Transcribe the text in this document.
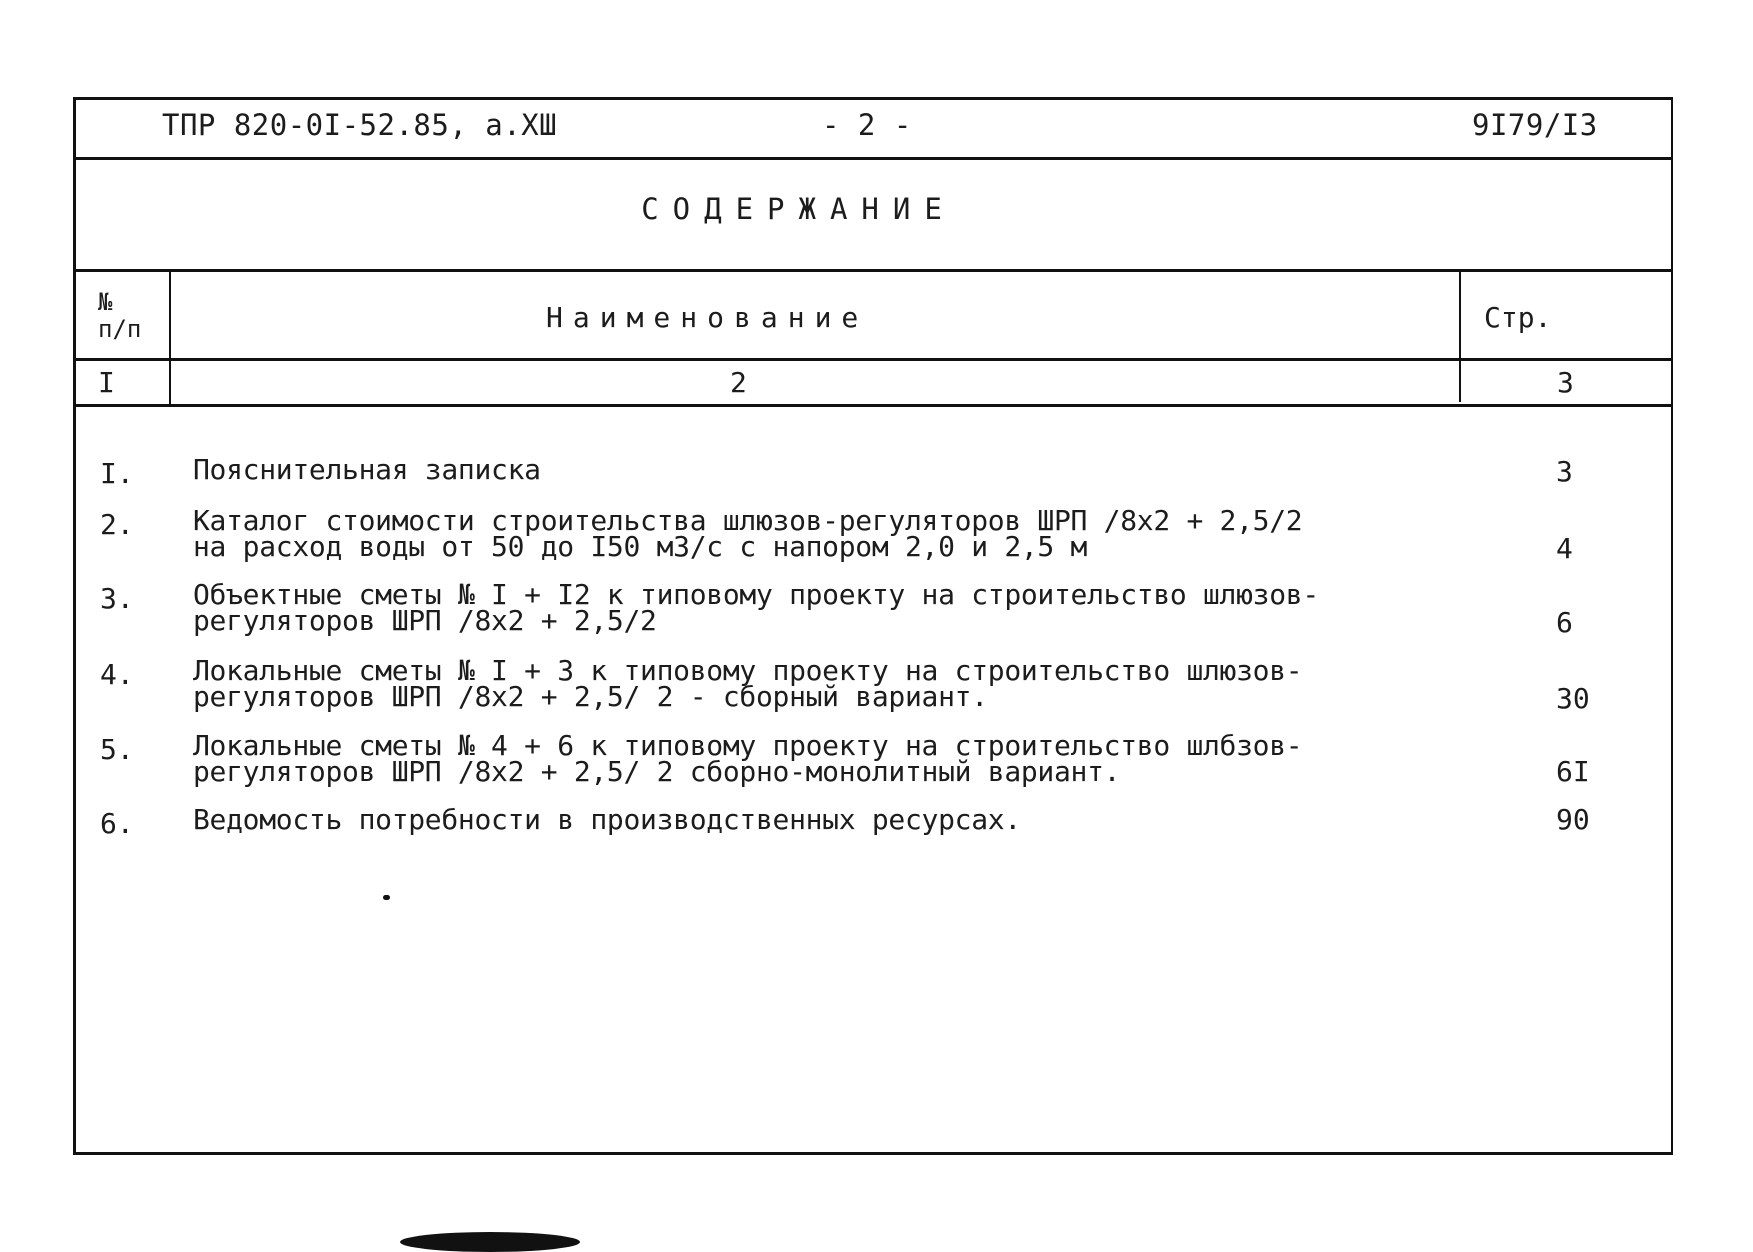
ТПР 820-0I-52.85, а.ХШ	- 2 -	9I79/I3
СОДЕРЖАНИЕ
№
п/п	Наименование	Стр.
I	2	3
I. Пояснительная записка	3
2. Каталог стоимости строительства шлюзов-регуляторов ШРП /8х2 + 2,5/2
на расход воды от 50 до I50 м3/с с напором 2,0 и 2,5 м	4
3. Объектные сметы № I + I2 к типовому проекту на строительство шлюзов-
регуляторов ШРП /8х2 + 2,5/2	6
4. Локальные сметы № I + 3 к типовому проекту на строительство шлюзов-
регуляторов ШРП /8х2 + 2,5/ 2 - сборный вариант.	30
5. Локальные сметы № 4 + 6 к типовому проекту на строительство шлбзов-
регуляторов ШРП /8х2 + 2,5/ 2 сборно-монолитный вариант.	6I
6. Ведомость потребности в производственных ресурсах.	90
